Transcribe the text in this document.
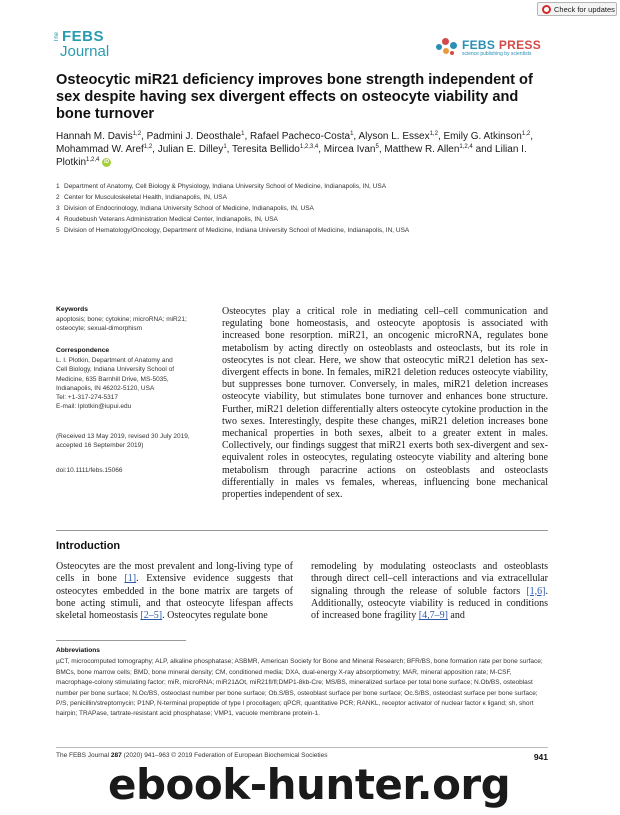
Check for updates
The FEBS
Journal	FEBS PRESS
science publishing by scientists
Osteocytic miR21 deficiency improves bone strength independent of sex despite having sex divergent effects on osteocyte viability and bone turnover
Hannah M. Davis$^{1,2}$, Padmini J. Deosthale$^1$, Rafael Pacheco-Costa$^1$, Alyson L. Essex$^{1,2}$, Emily G. Atkinson$^{1,2}$, Mohammad W. Aref$^{1,2}$, Julian E. Dilley$^1$, Teresita Bellido$^{1,2,3,4}$, Mircea Ivan$^5$, Matthew R. Allen$^{1,2,4}$ and Lilian I. Plotkin$^{1,2,4}$ iD
1 Department of Anatomy, Cell Biology & Physiology, Indiana University School of Medicine, Indianapolis, IN, USA
2 Center for Musculoskeletal Health, Indianapolis, IN, USA
3 Division of Endocrinology, Indiana University School of Medicine, Indianapolis, IN, USA
4 Roudebush Veterans Administration Medical Center, Indianapolis, IN, USA
5 Division of Hematology/Oncology, Department of Medicine, Indiana University School of Medicine, Indianapolis, IN, USA
Keywords
apoptosis; bone; cytokine; microRNA; miR21; osteocyte; sexual-dimorphism
Correspondence
L. I. Plotkin, Department of Anatomy and
Cell Biology, Indiana University School of
Medicine, 635 Barnhill Drive, MS-5035,
Indianapolis, IN 46202-5120, USA
Tel: +1-317-274-5317
E-mail: lplotkin@iupui.edu
(Received 13 May 2019, revised 30 July 2019, accepted 16 September 2019)
doi:10.1111/febs.15066
Osteocytes play a critical role in mediating cell–cell communication and regulating bone homeostasis, and osteocyte apoptosis is associated with increased bone resorption. miR21, an oncogenic microRNA, regulates bone metabolism by acting directly on osteoblasts and osteoclasts, but its role in osteocytes is not clear. Here, we show that osteocytic miR21 deletion has sex-divergent effects in bone. In females, miR21 deletion reduces osteocyte viability, but suppresses bone turnover. Conversely, in males, miR21 deletion increases osteocyte viability, but stimulates bone turnover and enhances bone structure. Further, miR21 deletion differentially alters osteocyte cytokine production in the two sexes. Interestingly, despite these changes, miR21 deletion increases bone mechanical properties in both sexes, albeit to a greater extent in males. Collectively, our findings suggest that miR21 exerts both sex-divergent and sex-equivalent roles in osteocytes, regulating osteocyte viability and altering bone metabolism through paracrine actions on osteoblasts and osteoclasts differentially in males vs females, whereas, influencing bone mechanical properties independent of sex.
Introduction
Osteocytes are the most prevalent and long-living type of cells in bone [1]. Extensive evidence suggests that osteocytes embedded in the bone matrix are targets of bone acting stimuli, and that osteocyte lifespan affects skeletal homeostasis [2–5]. Osteocytes regulate bone
remodeling by modulating osteoclasts and osteoblasts through direct cell–cell interactions and via extracellular signaling through the release of soluble factors [1,6]. Additionally, osteocyte viability is reduced in conditions of increased bone fragility [4,7–9] and
Abbreviations
µCT, microcomputed tomography; ALP, alkaline phosphatase; ASBMR, American Society for Bone and Mineral Research; BFR/BS, bone formation rate per bone surface; BMCs, bone marrow cells; BMD, bone mineral density; CM, conditioned media; DXA, dual-energy X-ray absorptiometry; MAR, mineral apposition rate; M-CSF, macrophage-colony stimulating factor; miR, microRNA; miR21ΔOt, miR21fl/fl;DMP1-8kb-Cre; MS/BS, mineralized surface per total bone surface; N.Ob/BS, osteoblast number per bone surface; N.Oc/BS, osteoclast number per bone surface; Ob.S/BS, osteoblast surface per bone surface; Oc.S/BS, osteoclast surface per bone surface; P/S, penicillin/streptomycin; P1NP, N-terminal propeptide of type I procollagen; qPCR, quantitative PCR; RANKL, receptor activator of nuclear factor κ ligand; sh, short hairpin; TRAPase, tartrate-resistant acid phosphatase; VMP1, vacuole membrane protein-1.
The FEBS Journal 287 (2020) 941–963 © 2019 Federation of European Biochemical Societies	941
ebook-hunter.org
